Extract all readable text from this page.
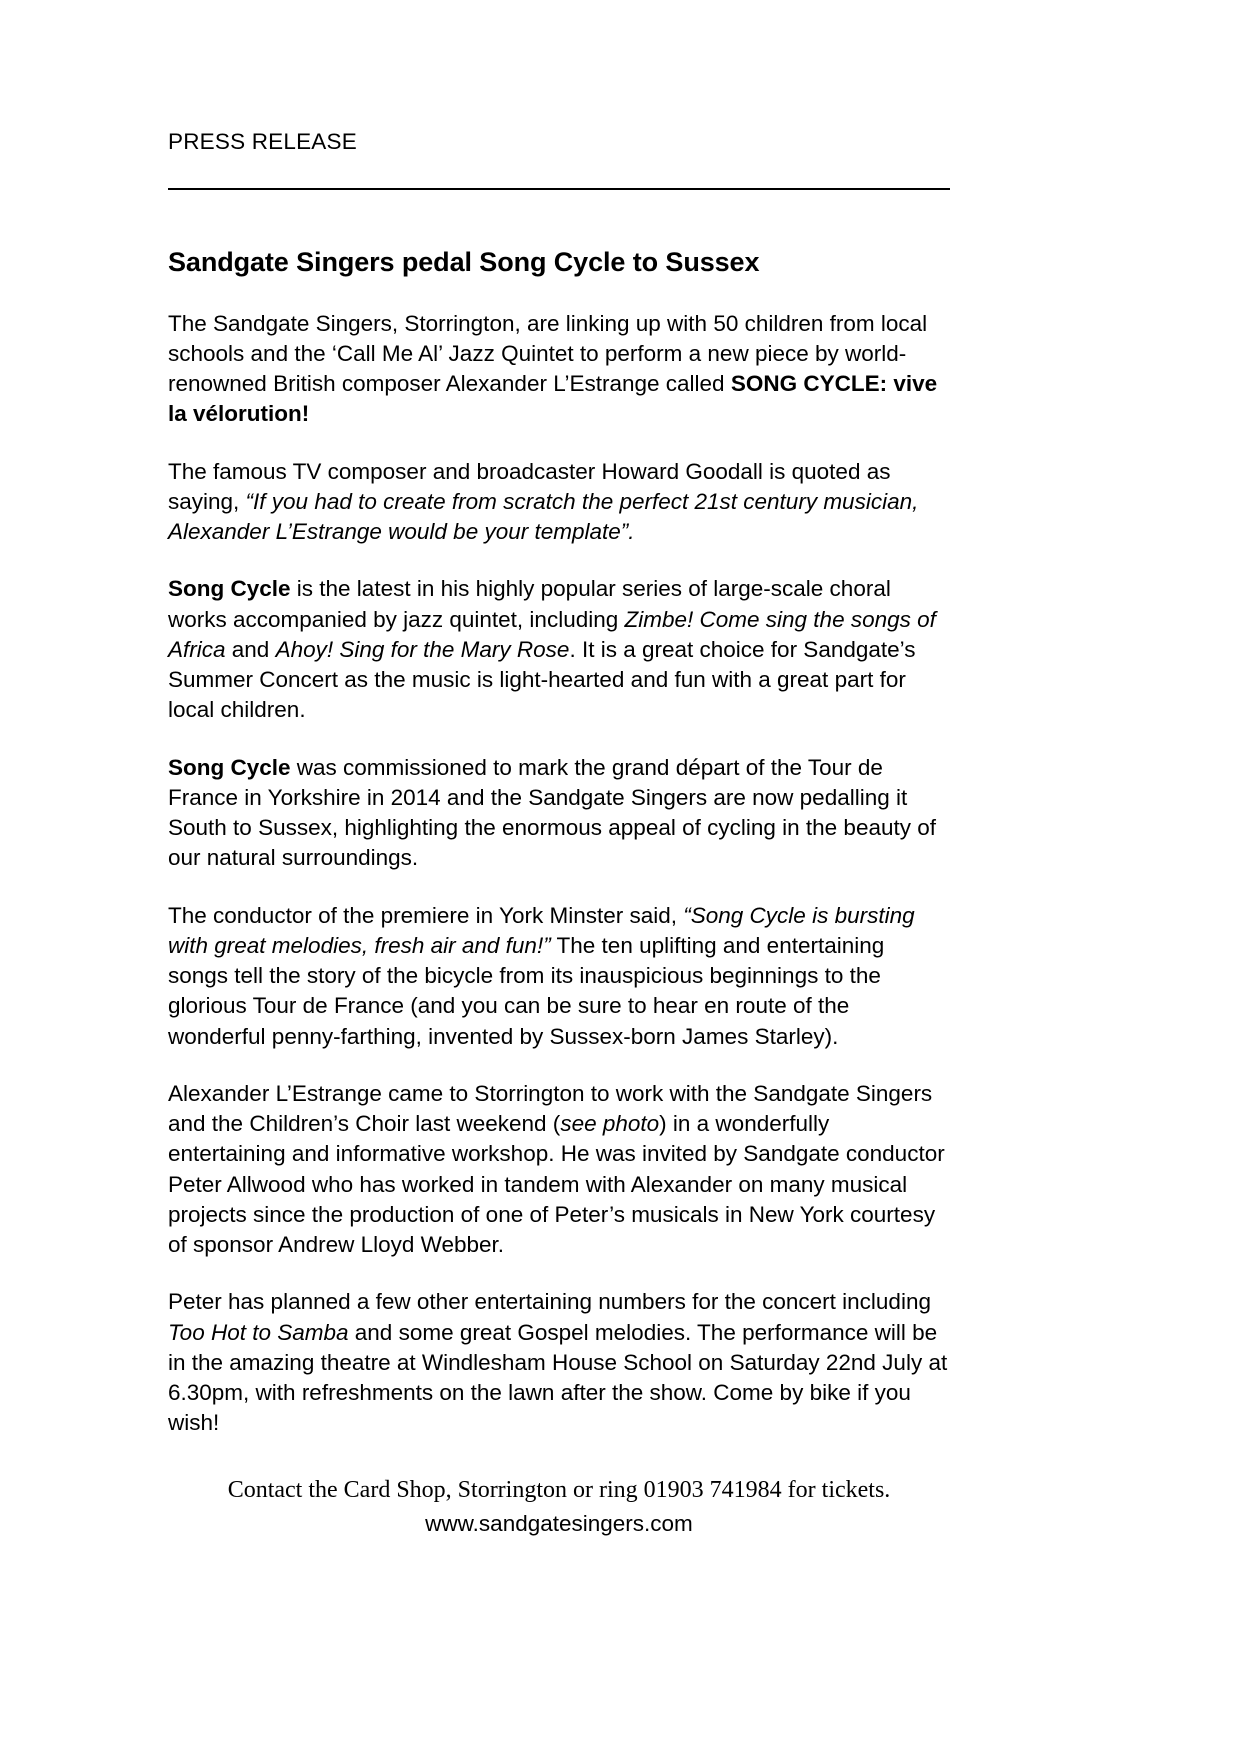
PRESS RELEASE
Sandgate Singers pedal Song Cycle to Sussex

The Sandgate Singers, Storrington, are linking up with 50 children from local schools and the ‘Call Me Al’ Jazz Quintet to perform a new piece by world-renowned British composer Alexander L’Estrange called SONG CYCLE: vive la vélorution!

The famous TV composer and broadcaster Howard Goodall is quoted as saying, “If you had to create from scratch the perfect 21st century musician, Alexander L’Estrange would be your template”.

Song Cycle is the latest in his highly popular series of large-scale choral works accompanied by jazz quintet, including Zimbe! Come sing the songs of Africa and Ahoy! Sing for the Mary Rose. It is a great choice for Sandgate’s Summer Concert as the music is light-hearted and fun with a great part for local children.

Song Cycle was commissioned to mark the grand départ of the Tour de France in Yorkshire in 2014 and the Sandgate Singers are now pedalling it South to Sussex, highlighting the enormous appeal of cycling in the beauty of our natural surroundings.

The conductor of the premiere in York Minster said, “Song Cycle is bursting with great melodies, fresh air and fun!” The ten uplifting and entertaining songs tell the story of the bicycle from its inauspicious beginnings to the glorious Tour de France (and you can be sure to hear en route of the wonderful penny-farthing, invented by Sussex-born James Starley).

Alexander L’Estrange came to Storrington to work with the Sandgate Singers and the Children’s Choir last weekend (see photo) in a wonderfully entertaining and informative workshop. He was invited by Sandgate conductor Peter Allwood who has worked in tandem with Alexander on many musical projects since the production of one of Peter’s musicals in New York courtesy of sponsor Andrew Lloyd Webber.

Peter has planned a few other entertaining numbers for the concert including Too Hot to Samba and some great Gospel melodies. The performance will be in the amazing theatre at Windlesham House School on Saturday 22nd July at 6.30pm, with refreshments on the lawn after the show. Come by bike if you wish!

Contact the Card Shop, Storrington or ring 01903 741984 for tickets.

www.sandgatesingers.com
